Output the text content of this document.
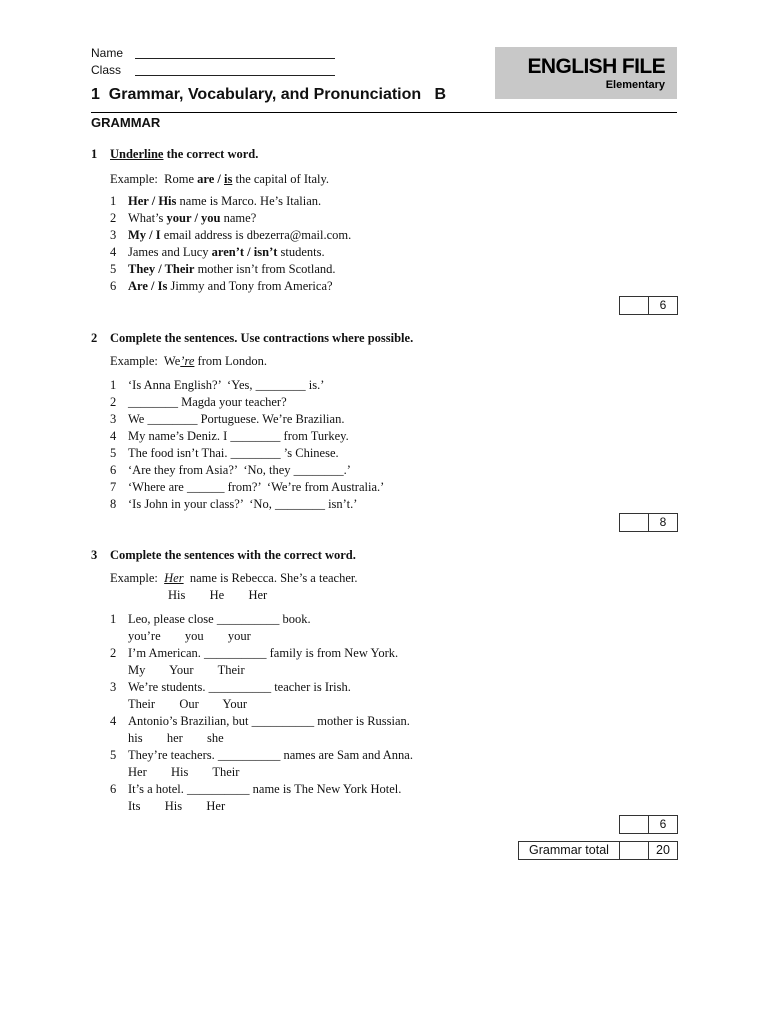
Name
Class	ENGLISH FILE
Elementary
1  Grammar, Vocabulary, and Pronunciation   B
GRAMMAR
1 Underline the correct word.
Example:  Rome are / is the capital of Italy.
1 Her / His name is Marco. He’s Italian.
2 What’s your / you name?
3 My / I email address is dbezerra@mail.com.
4 James and Lucy aren’t / isn’t students.
5 They / Their mother isn’t from Scotland.
6 Are / Is Jimmy and Tony from America?
6
2 Complete the sentences. Use contractions where possible.
Example:  We’re from London.
1 ‘Is Anna English?’  ‘Yes, ________ is.’
2 ________ Magda your teacher?
3 We ________ Portuguese. We’re Brazilian.
4 My name’s Deniz. I ________ from Turkey.
5 The food isn’t Thai. ________ ’s Chinese.
6 ‘Are they from Asia?’  ‘No, they ________.’
7 ‘Where are ______ from?’  ‘We’re from Australia.’
8 ‘Is John in your class?’  ‘No, ________ isn’t.’
8
3 Complete the sentences with the correct word.
Example:  Her  name is Rebecca. She’s a teacher.
His  He  Her
1 Leo, please close __________ book.
you’re  you  your
2 I’m American. __________ family is from New York.
My  Your  Their
3 We’re students. __________ teacher is Irish.
Their  Our  Your
4 Antonio’s Brazilian, but __________ mother is Russian.
his  her  she
5 They’re teachers. __________ names are Sam and Anna.
Her  His  Their
6 It’s a hotel. __________ name is The New York Hotel.
Its  His  Her
6
Grammar total	20
